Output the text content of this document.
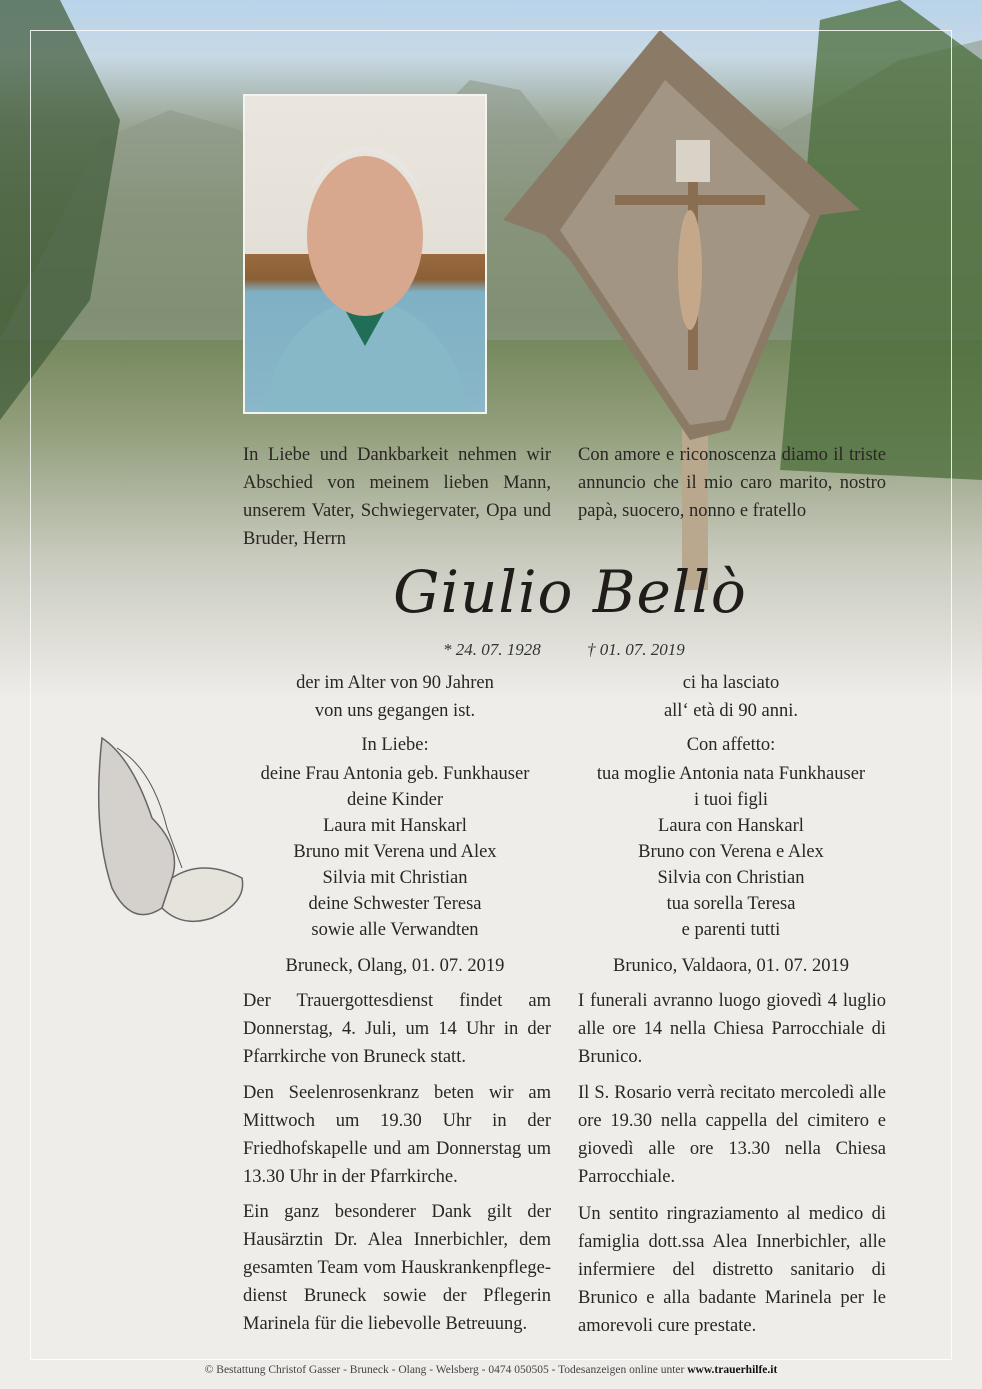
In Liebe und Dankbarkeit nehmen wir Abschied von meinem lieben Mann, unserem Vater, Schwiegervater, Opa und Bruder, Herrn
Con amore e riconoscenza diamo il triste annuncio che il mio caro marito, nostro papà, suocero, nonno e fratello
Giulio Bellò
* 24. 07. 1928	† 01. 07. 2019
der im Alter von 90 Jahren
von uns gegangen ist.
ci ha lasciato
all‘ età di 90 anni.
In Liebe:
deine Frau Antonia geb. Funkhauser
deine Kinder
Laura mit Hanskarl
Bruno mit Verena und Alex
Silvia mit Christian
deine Schwester Teresa
sowie alle Verwandten
Con affetto:
tua moglie Antonia nata Funkhauser
i tuoi figli
Laura con Hanskarl
Bruno con Verena e Alex
Silvia con Christian
tua sorella Teresa
e parenti tutti
Bruneck, Olang, 01. 07. 2019	Brunico, Valdaora, 01. 07. 2019
Der Trauergottesdienst findet am Donnerstag, 4. Juli, um 14 Uhr in der Pfarrkirche von Bruneck statt.
Den Seelenrosenkranz beten wir am Mittwoch um 19.30 Uhr in der Friedhofskapelle und am Donnerstag um 13.30 Uhr in der Pfarrkirche.
Ein ganz besonderer Dank gilt der Hausärztin Dr. Alea Innerbichler, dem gesamten Team vom Hauskrankenpflege-dienst Bruneck sowie der Pflegerin Marinela für die liebevolle Betreuung.
I funerali avranno luogo giovedì 4 luglio alle ore 14 nella Chiesa Parrocchiale di Brunico.
Il S. Rosario verrà recitato mercoledì alle ore 19.30 nella cappella del cimitero e giovedì alle ore 13.30 nella Chiesa Parrocchiale.
Un sentito ringraziamento al medico di famiglia dott.ssa Alea Innerbichler, alle infermiere del distretto sanitario di Brunico e alla badante Marinela per le amorevoli cure prestate.
© Bestattung Christof Gasser - Bruneck - Olang - Welsberg - 0474 050505 - Todesanzeigen online unter www.trauerhilfe.it
